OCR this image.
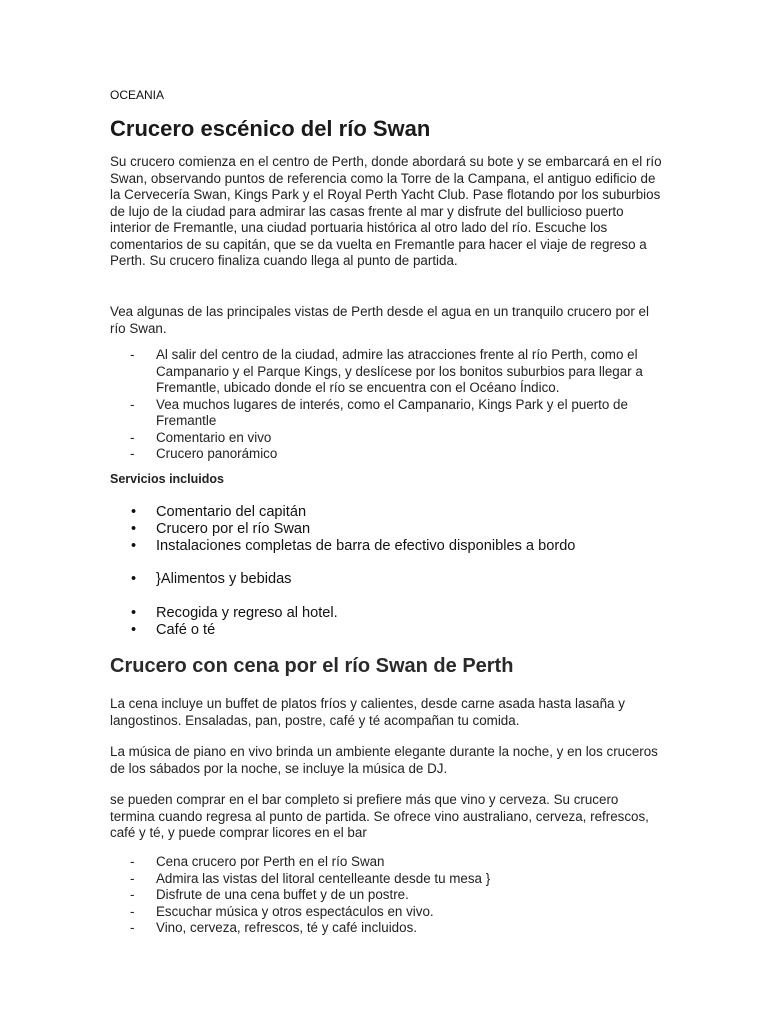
OCEANIA
Crucero escénico del río Swan

Su crucero comienza en el centro de Perth, donde abordará su bote y se embarcará en el río Swan, observando puntos de referencia como la Torre de la Campana, el antiguo edificio de la Cervecería Swan, Kings Park y el Royal Perth Yacht Club. Pase flotando por los suburbios de lujo de la ciudad para admirar las casas frente al mar y disfrute del bullicioso puerto interior de Fremantle, una ciudad portuaria histórica al otro lado del río. Escuche los comentarios de su capitán, que se da vuelta en Fremantle para hacer el viaje de regreso a Perth. Su crucero finaliza cuando llega al punto de partida.

Vea algunas de las principales vistas de Perth desde el agua en un tranquilo crucero por el río Swan.

- Al salir del centro de la ciudad, admire las atracciones frente al río Perth, como el Campanario y el Parque Kings, y deslícese por los bonitos suburbios para llegar a Fremantle, ubicado donde el río se encuentra con el Océano Índico.
- Vea muchos lugares de interés, como el Campanario, Kings Park y el puerto de Fremantle
- Comentario en vivo
- Crucero panorámico
Servicios incluidos
• Comentario del capitán
• Crucero por el río Swan
• Instalaciones completas de barra de efectivo disponibles a bordo
• }Alimentos y bebidas
• Recogida y regreso al hotel.
• Café o té
Crucero con cena por el río Swan de Perth

La cena incluye un buffet de platos fríos y calientes, desde carne asada hasta lasaña y langostinos. Ensaladas, pan, postre, café y té acompañan tu comida.

La música de piano en vivo brinda un ambiente elegante durante la noche, y en los cruceros de los sábados por la noche, se incluye la música de DJ.

se pueden comprar en el bar completo si prefiere más que vino y cerveza. Su crucero termina cuando regresa al punto de partida. Se ofrece vino australiano, cerveza, refrescos, café y té, y puede comprar licores en el bar

- Cena crucero por Perth en el río Swan
- Admira las vistas del litoral centelleante desde tu mesa }
- Disfrute de una cena buffet y de un postre.
- Escuchar música y otros espectáculos en vivo.
- Vino, cerveza, refrescos, té y café incluidos.
